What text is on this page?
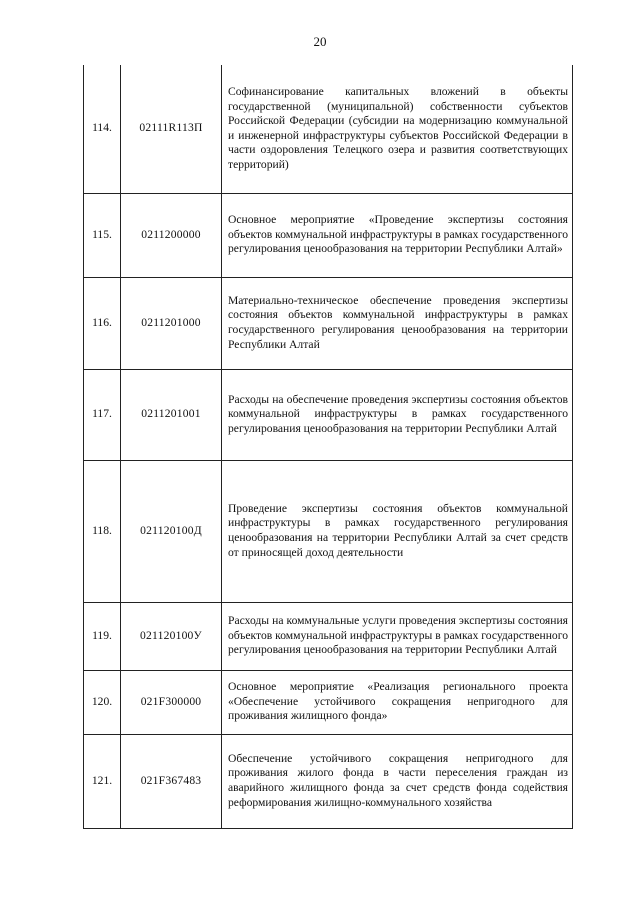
20
114.	02111R113П	Софинансирование капитальных вложений в объекты государственной (муниципальной) собственности субъектов Российской Федерации (субсидии на модернизацию коммунальной и инженерной инфраструктуры субъектов Российской Федерации в части оздоровления Телецкого озера и развития соответствующих территорий)

115.	0211200000	Основное мероприятие «Проведение экспертизы состояния объектов коммунальной инфраструктуры в рамках государственного регулирования ценообразования на территории Республики Алтай»

116.	0211201000	Материально-техническое обеспечение проведения экспертизы состояния объектов коммунальной инфраструктуры в рамках государственного регулирования ценообразования на территории Республики Алтай

117.	0211201001	Расходы на обеспечение проведения экспертизы состояния объектов коммунальной инфраструктуры в рамках государственного регулирования ценообразования на территории Республики Алтай

118.	021120100Д	Проведение экспертизы состояния объектов коммунальной инфраструктуры в рамках государственного регулирования ценообразования на территории Республики Алтай за счет средств от приносящей доход деятельности

119.	021120100У	Расходы на коммунальные услуги проведения экспертизы состояния объектов коммунальной инфраструктуры в рамках государственного регулирования ценообразования на территории Республики Алтай

120.	021F300000	Основное мероприятие «Реализация регионального проекта «Обеспечение устойчивого сокращения непригодного для проживания жилищного фонда»

121.	021F367483	Обеспечение устойчивого сокращения непригодного для проживания жилого фонда в части переселения граждан из аварийного жилищного фонда за счет средств фонда содействия реформирования жилищно-коммунального хозяйства
